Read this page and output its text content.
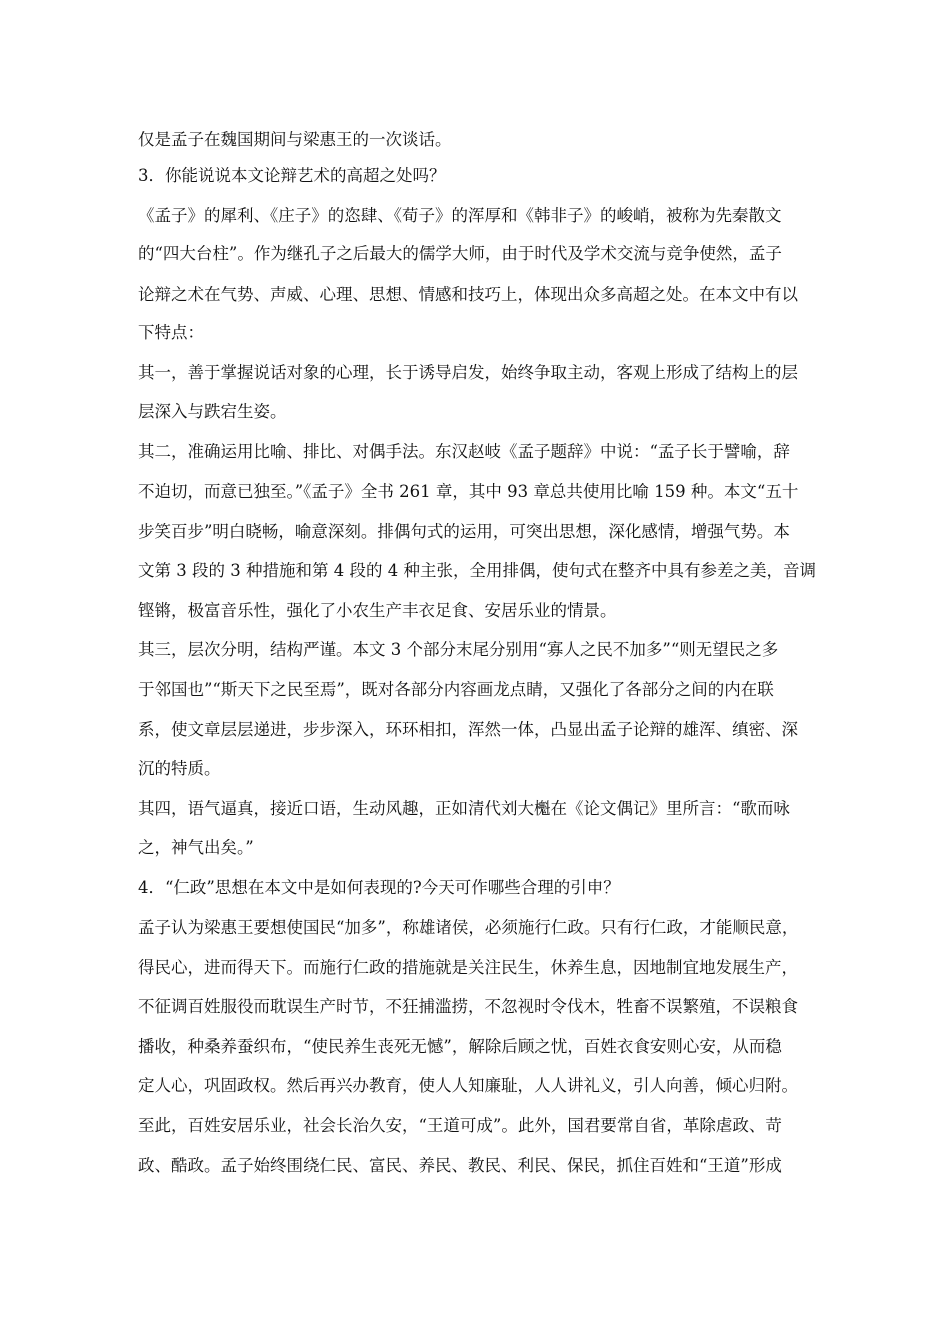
仅是孟子在魏国期间与梁惠王的一次谈话。

3．你能说说本文论辩艺术的高超之处吗？

《孟子》的犀利、《庄子》的恣肆、《荀子》的浑厚和《韩非子》的峻峭，被称为先秦散文

的“四大台柱”。作为继孔子之后最大的儒学大师，由于时代及学术交流与竞争使然，孟子

论辩之术在气势、声威、心理、思想、情感和技巧上，体现出众多高超之处。在本文中有以

下特点：

其一，善于掌握说话对象的心理，长于诱导启发，始终争取主动，客观上形成了结构上的层

层深入与跌宕生姿。

其二，准确运用比喻、排比、对偶手法。东汉赵岐《孟子题辞》中说：“孟子长于譬喻，辞

不迫切，而意已独至。”《孟子》全书 261 章，其中 93 章总共使用比喻 159 种。本文“五十

步笑百步”明白晓畅，喻意深刻。排偶句式的运用，可突出思想，深化感情，增强气势。本

文第 3 段的 3 种措施和第 4 段的 4 种主张，全用排偶，使句式在整齐中具有参差之美，音调

铿锵，极富音乐性，强化了小农生产丰衣足食、安居乐业的情景。

其三，层次分明，结构严谨。本文 3 个部分末尾分别用“寡人之民不加多”“则无望民之多

于邻国也”“斯天下之民至焉”，既对各部分内容画龙点睛，又强化了各部分之间的内在联

系，使文章层层递进，步步深入，环环相扣，浑然一体，凸显出孟子论辩的雄浑、缜密、深

沉的特质。

其四，语气逼真，接近口语，生动风趣，正如清代刘大櫆在《论文偶记》里所言：“歌而咏

之，神气出矣。”

4．“仁政”思想在本文中是如何表现的?今天可作哪些合理的引申？

孟子认为梁惠王要想使国民“加多”，称雄诸侯，必须施行仁政。只有行仁政，才能顺民意，

得民心，进而得天下。而施行仁政的措施就是关注民生，休养生息，因地制宜地发展生产，

不征调百姓服役而耽误生产时节，不狂捕滥捞，不忽视时令伐木，牲畜不误繁殖，不误粮食

播收，种桑养蚕织布，“使民养生丧死无憾”，解除后顾之忧，百姓衣食安则心安，从而稳

定人心，巩固政权。然后再兴办教育，使人人知廉耻，人人讲礼义，引人向善，倾心归附。

至此，百姓安居乐业，社会长治久安，“王道可成”。此外，国君要常自省，革除虐政、苛

政、酷政。孟子始终围绕仁民、富民、养民、教民、利民、保民，抓住百姓和“王道”形成
